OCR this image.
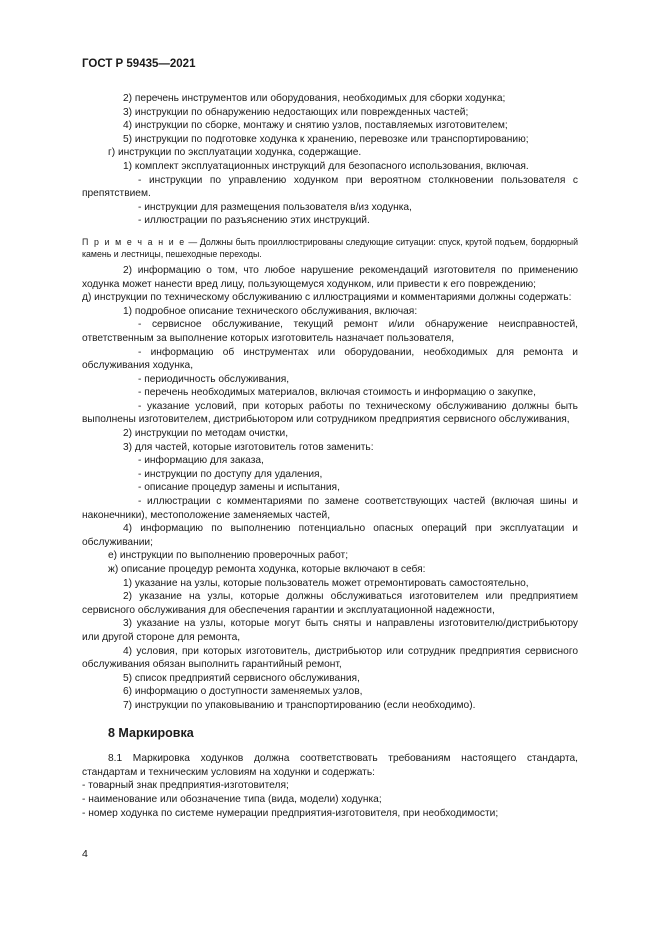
ГОСТ Р 59435—2021

2) перечень инструментов или оборудования, необходимых для сборки ходунка;

3) инструкции по обнаружению недостающих или поврежденных частей;

4) инструкции по сборке, монтажу и снятию узлов, поставляемых изготовителем;

5) инструкции по подготовке ходунка к хранению, перевозке или транспортированию;

г) инструкции по эксплуатации ходунка, содержащие.

1) комплект эксплуатационных инструкций для безопасного использования, включая.

- инструкции по управлению ходунком при вероятном столкновении пользователя с препятствием.

- инструкции для размещения пользователя в/из ходунка,

- иллюстрации по разъяснению этих инструкций.

П р и м е ч а н и е — Должны быть проиллюстрированы следующие ситуации: спуск, крутой подъем, бордюрный камень и лестницы, пешеходные переходы.

2) информацию о том, что любое нарушение рекомендаций изготовителя по применению ходунка может нанести вред лицу, пользующемуся ходунком, или привести к его повреждению;

д) инструкции по техническому обслуживанию с иллюстрациями и комментариями должны содержать:

1) подробное описание технического обслуживания, включая:

- сервисное обслуживание, текущий ремонт и/или обнаружение неисправностей, ответственным за выполнение которых изготовитель назначает пользователя,

- информацию об инструментах или оборудовании, необходимых для ремонта и обслуживания ходунка,

- периодичность обслуживания,

- перечень необходимых материалов, включая стоимость и информацию о закупке,

- указание условий, при которых работы по техническому обслуживанию должны быть выполнены изготовителем, дистрибьютором или сотрудником предприятия сервисного обслуживания,

2) инструкции по методам очистки,

3) для частей, которые изготовитель готов заменить:

- информацию для заказа,

- инструкции по доступу для удаления,

- описание процедур замены и испытания,

- иллюстрации с комментариями по замене соответствующих частей (включая шины и наконечники), местоположение заменяемых частей,

4) информацию по выполнению потенциально опасных операций при эксплуатации и обслуживании;

е) инструкции по выполнению проверочных работ;

ж) описание процедур ремонта ходунка, которые включают в себя:

1) указание на узлы, которые пользователь может отремонтировать самостоятельно,

2) указание на узлы, которые должны обслуживаться изготовителем или предприятием сервисного обслуживания для обеспечения гарантии и эксплуатационной надежности,

3) указание на узлы, которые могут быть сняты и направлены изготовителю/дистрибьютору или другой стороне для ремонта,

4) условия, при которых изготовитель, дистрибьютор или сотрудник предприятия сервисного обслуживания обязан выполнить гарантийный ремонт,

5) список предприятий сервисного обслуживания,

6) информацию о доступности заменяемых узлов,

7) инструкции по упаковыванию и транспортированию (если необходимо).

8 Маркировка

8.1 Маркировка ходунков должна соответствовать требованиям настоящего стандарта, стандартам и техническим условиям на ходунки и содержать:

- товарный знак предприятия-изготовителя;

- наименование или обозначение типа (вида, модели) ходунка;

- номер ходунка по системе нумерации предприятия-изготовителя, при необходимости;

4
